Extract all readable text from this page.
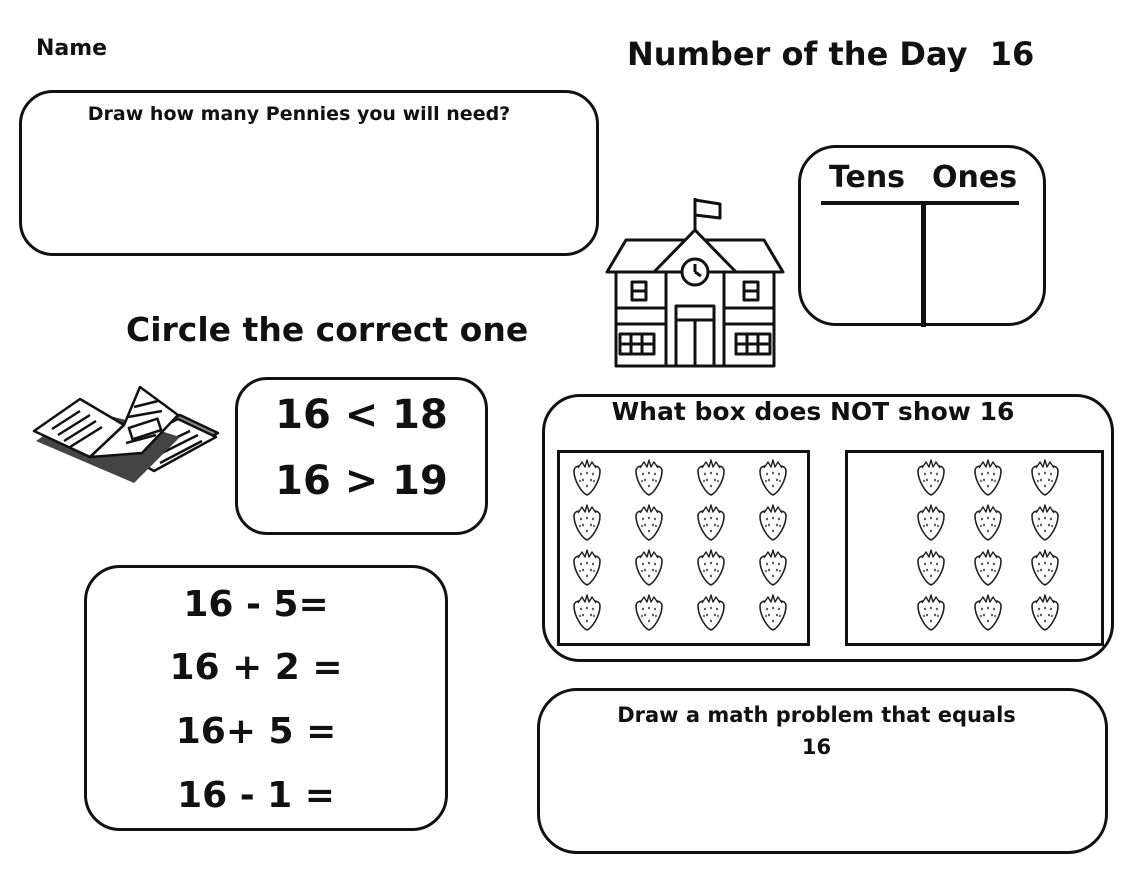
Name	Number of the Day  16
Draw how many Pennies you will need?
Tens Ones
Circle the correct one
16 < 18
16 > 19
16 - 5=
16 + 2 =
16+ 5 =
16 - 1 =
What box does NOT show 16
Draw a math problem that equals
16
